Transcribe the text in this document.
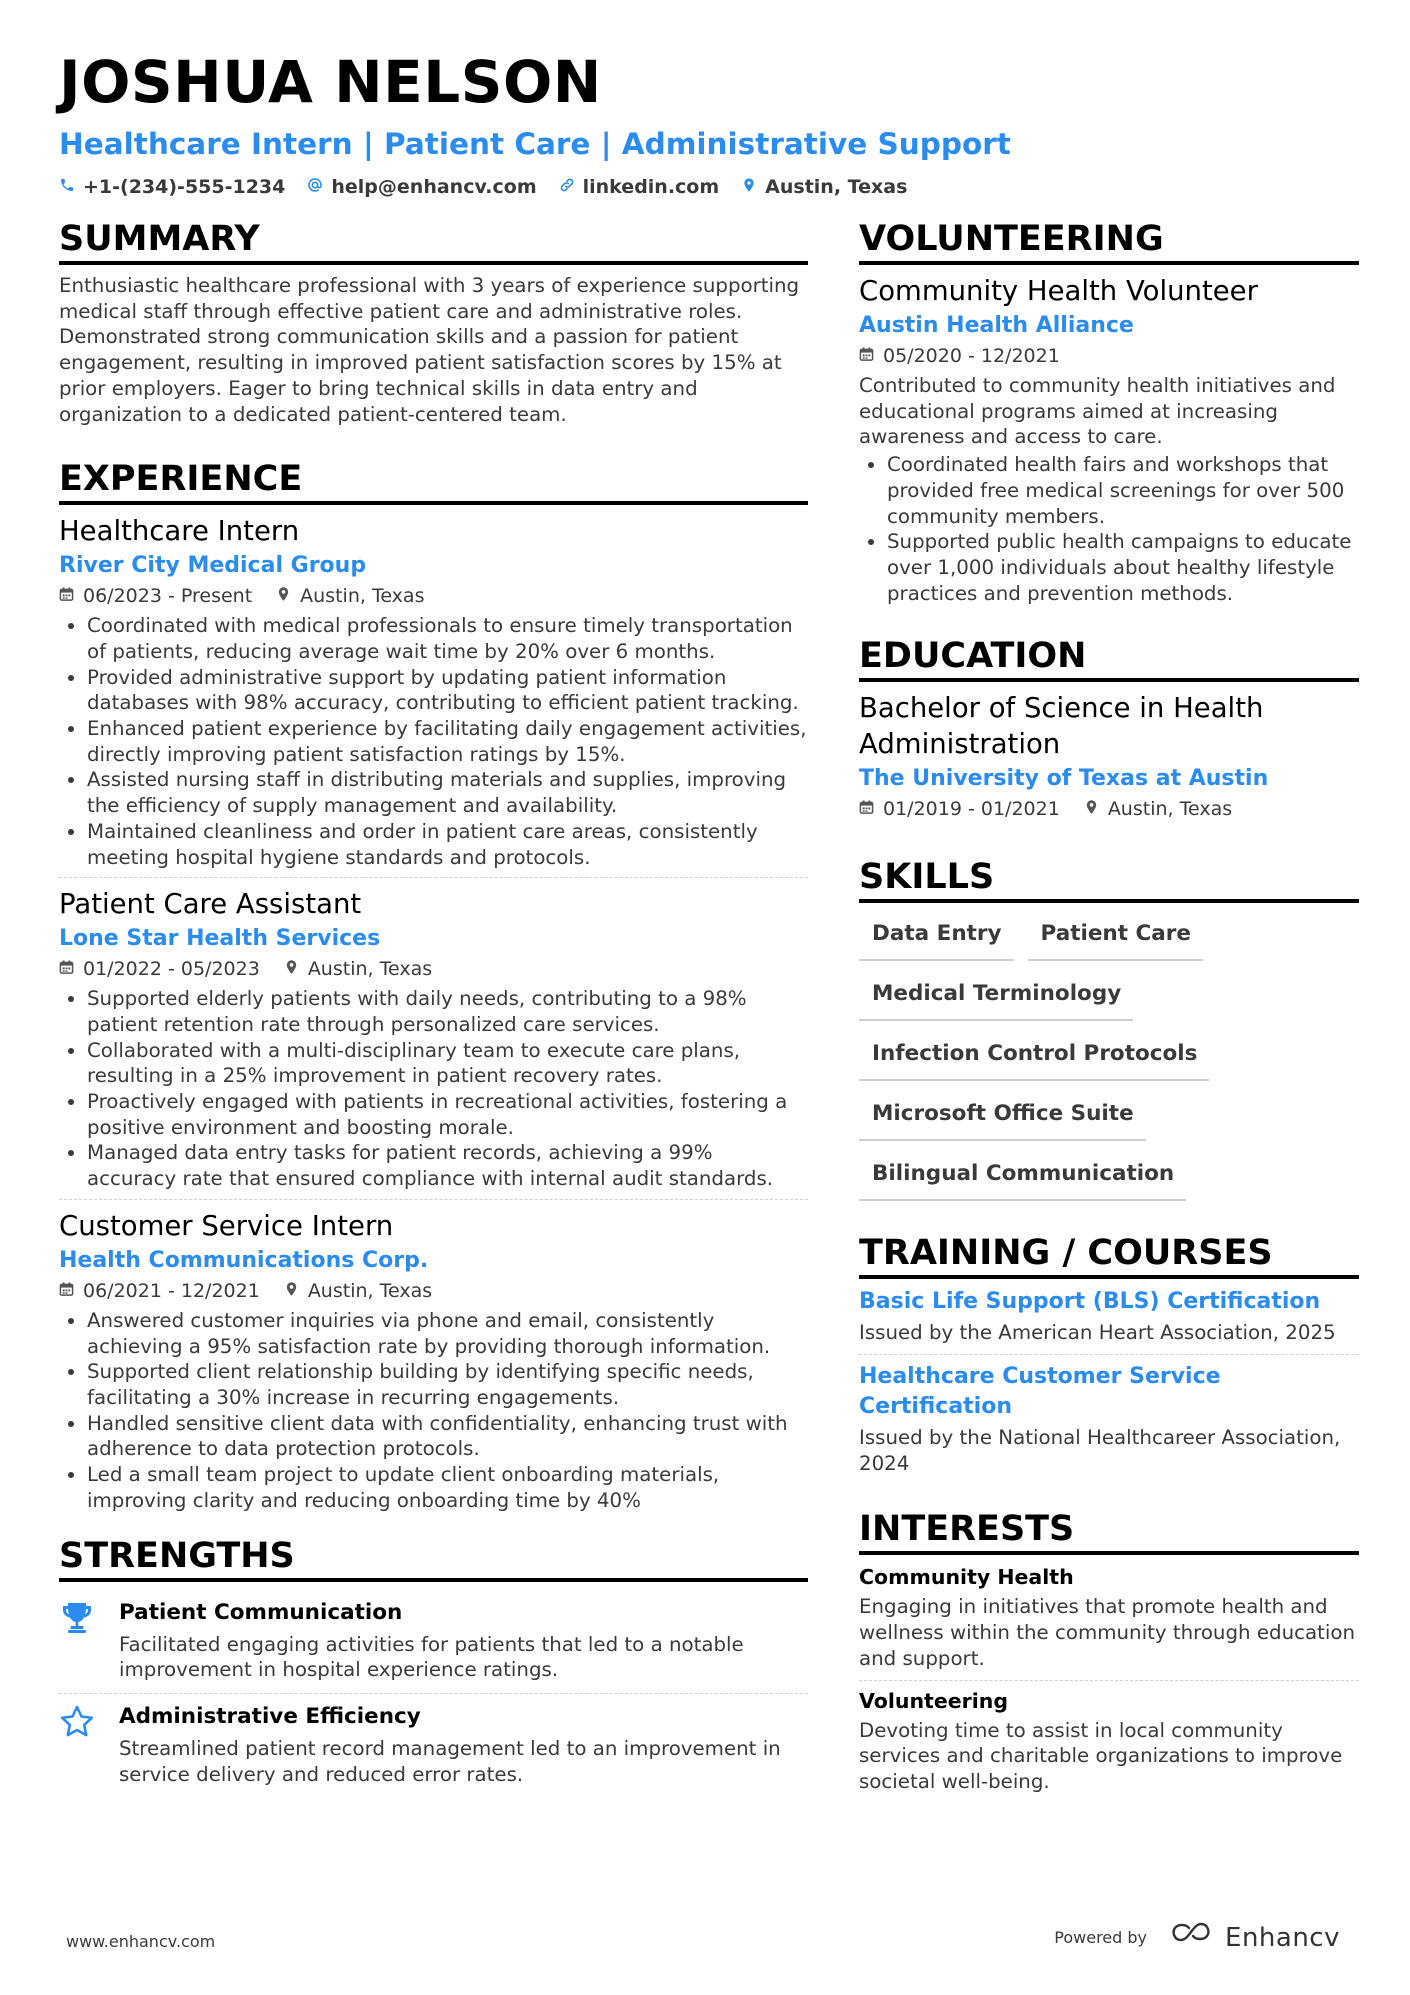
JOSHUA NELSON
Healthcare Intern | Patient Care | Administrative Support
+1-(234)-555-1234 help@enhancv.com linkedin.com Austin, Texas
SUMMARY

Enthusiastic healthcare professional with 3 years of experience supporting medical staff through effective patient care and administrative roles. Demonstrated strong communication skills and a passion for patient engagement, resulting in improved patient satisfaction scores by 15% at prior employers. Eager to bring technical skills in data entry and organization to a dedicated patient-centered team.

EXPERIENCE
Healthcare Intern
River City Medical Group
06/2023 - Present	Austin, Texas
• Coordinated with medical professionals to ensure timely transportation of patients, reducing average wait time by 20% over 6 months.
• Provided administrative support by updating patient information databases with 98% accuracy, contributing to efficient patient tracking.
• Enhanced patient experience by facilitating daily engagement activities, directly improving patient satisfaction ratings by 15%.
• Assisted nursing staff in distributing materials and supplies, improving the efficiency of supply management and availability.
• Maintained cleanliness and order in patient care areas, consistently meeting hospital hygiene standards and protocols.
Patient Care Assistant
Lone Star Health Services
01/2022 - 05/2023	Austin, Texas
• Supported elderly patients with daily needs, contributing to a 98% patient retention rate through personalized care services.
• Collaborated with a multi-disciplinary team to execute care plans, resulting in a 25% improvement in patient recovery rates.
• Proactively engaged with patients in recreational activities, fostering a positive environment and boosting morale.
• Managed data entry tasks for patient records, achieving a 99% accuracy rate that ensured compliance with internal audit standards.
Customer Service Intern
Health Communications Corp.
06/2021 - 12/2021	Austin, Texas
• Answered customer inquiries via phone and email, consistently achieving a 95% satisfaction rate by providing thorough information.
• Supported client relationship building by identifying specific needs, facilitating a 30% increase in recurring engagements.
• Handled sensitive client data with confidentiality, enhancing trust with adherence to data protection protocols.
• Led a small team project to update client onboarding materials, improving clarity and reducing onboarding time by 40%
STRENGTHS
Patient Communication
Facilitated engaging activities for patients that led to a notable improvement in hospital experience ratings.
Administrative Efficiency
Streamlined patient record management led to an improvement in service delivery and reduced error rates.
VOLUNTEERING
Community Health Volunteer
Austin Health Alliance
05/2020 - 12/2021

Contributed to community health initiatives and educational programs aimed at increasing awareness and access to care.

• Coordinated health fairs and workshops that provided free medical screenings for over 500 community members.
• Supported public health campaigns to educate over 1,000 individuals about healthy lifestyle practices and prevention methods.
EDUCATION
Bachelor of Science in Health Administration
The University of Texas at Austin
01/2019 - 01/2021	Austin, Texas
SKILLS
Data Entry	Patient Care
Medical Terminology
Infection Control Protocols
Microsoft Office Suite
Bilingual Communication
TRAINING / COURSES
Basic Life Support (BLS) Certification
Issued by the American Heart Association, 2025
Healthcare Customer Service Certification
Issued by the National Healthcareer Association, 2024
INTERESTS
Community Health
Engaging in initiatives that promote health and wellness within the community through education and support.
Volunteering
Devoting time to assist in local community services and charitable organizations to improve societal well-being.
www.enhancv.com	Powered by	Enhancv
